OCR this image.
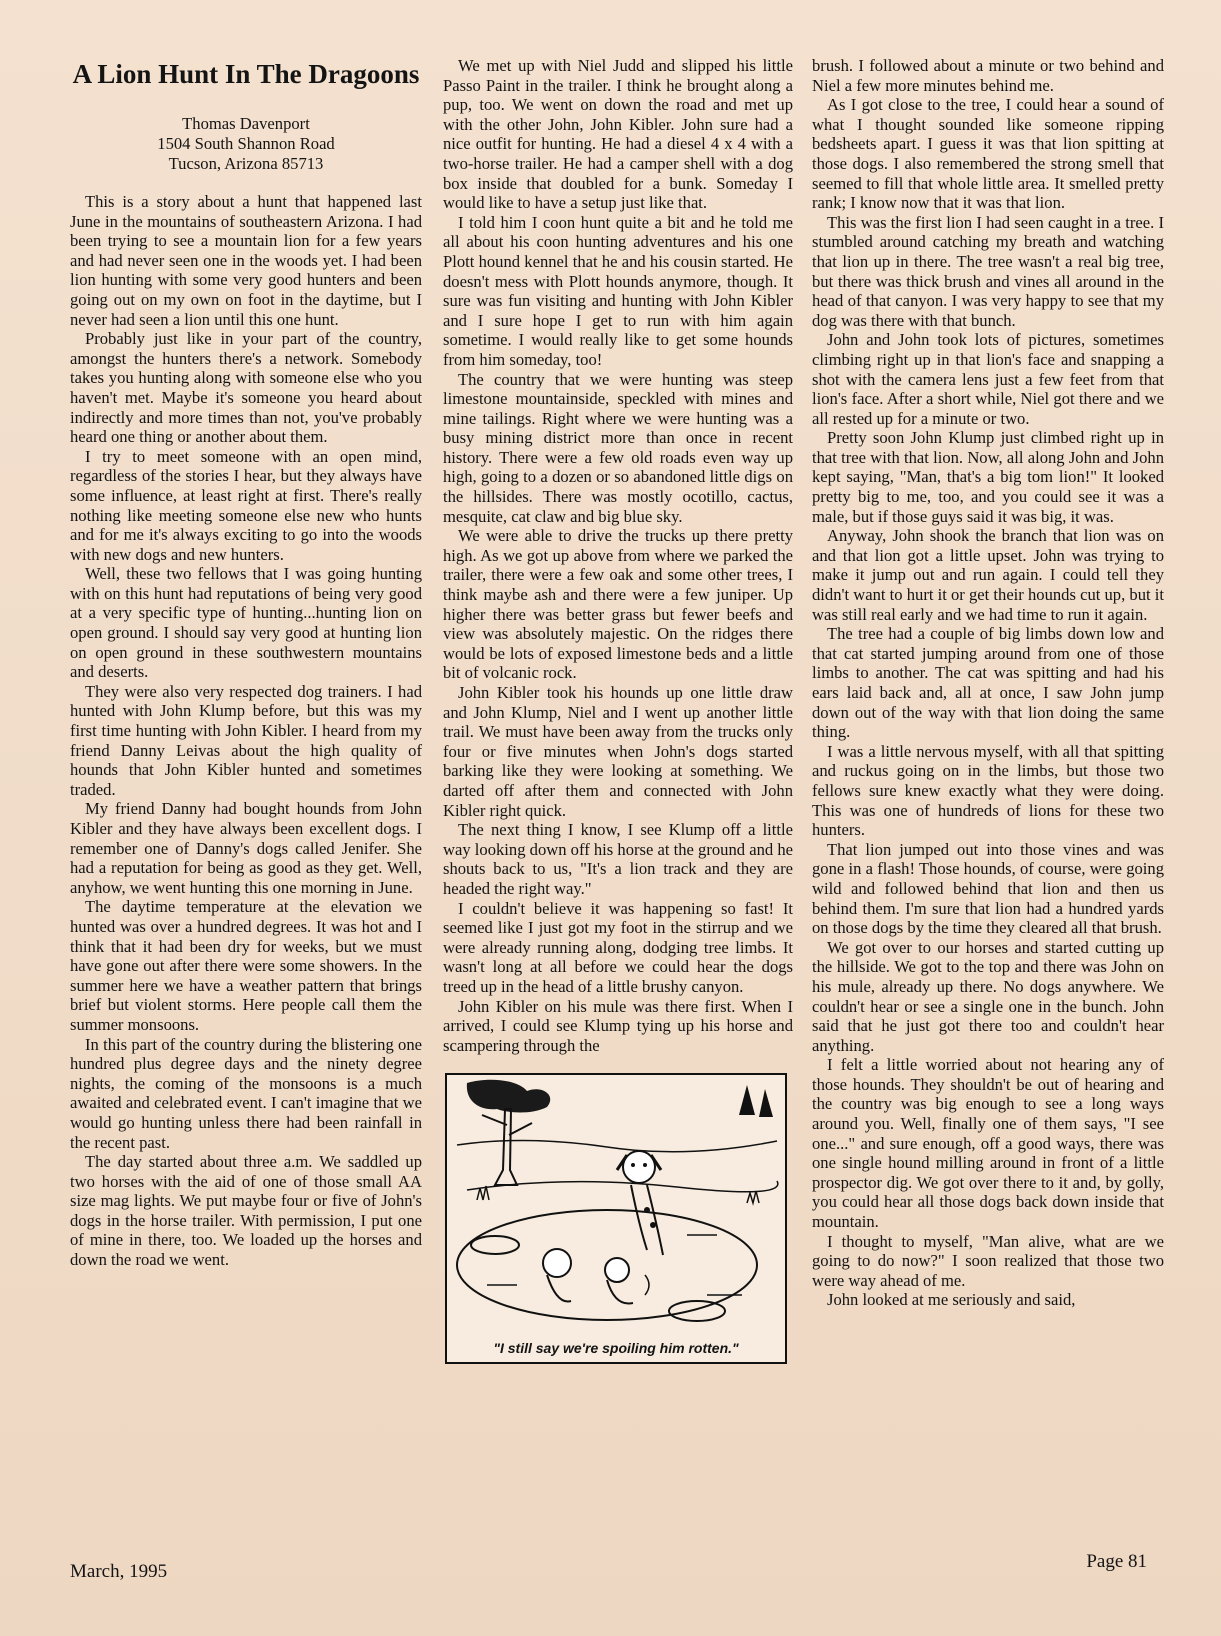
A Lion Hunt In The Dragoons
Thomas Davenport
1504 South Shannon Road
Tucson, Arizona 85713

This is a story about a hunt that happened last June in the mountains of southeastern Arizona. I had been trying to see a mountain lion for a few years and had never seen one in the woods yet. I had been lion hunting with some very good hunters and been going out on my own on foot in the daytime, but I never had seen a lion until this one hunt.

Probably just like in your part of the country, amongst the hunters there's a network. Somebody takes you hunting along with someone else who you haven't met. Maybe it's someone you heard about indirectly and more times than not, you've probably heard one thing or another about them.

I try to meet someone with an open mind, regardless of the stories I hear, but they always have some influence, at least right at first. There's really nothing like meeting someone else new who hunts and for me it's always exciting to go into the woods with new dogs and new hunters.

Well, these two fellows that I was going hunting with on this hunt had reputations of being very good at a very specific type of hunting...hunting lion on open ground. I should say very good at hunting lion on open ground in these southwestern mountains and deserts.

They were also very respected dog trainers. I had hunted with John Klump before, but this was my first time hunting with John Kibler. I heard from my friend Danny Leivas about the high quality of hounds that John Kibler hunted and sometimes traded.

My friend Danny had bought hounds from John Kibler and they have always been excellent dogs. I remember one of Danny's dogs called Jenifer. She had a reputation for being as good as they get. Well, anyhow, we went hunting this one morning in June.

The daytime temperature at the elevation we hunted was over a hundred degrees. It was hot and I think that it had been dry for weeks, but we must have gone out after there were some showers. In the summer here we have a weather pattern that brings brief but violent storms. Here people call them the summer monsoons.

In this part of the country during the blistering one hundred plus degree days and the ninety degree nights, the coming of the monsoons is a much awaited and celebrated event. I can't imagine that we would go hunting unless there had been rainfall in the recent past.

The day started about three a.m. We saddled up two horses with the aid of one of those small AA size mag lights. We put maybe four or five of John's dogs in the horse trailer. With permission, I put one of mine in there, too. We loaded up the horses and down the road we went.

We met up with Niel Judd and slipped his little Passo Paint in the trailer. I think he brought along a pup, too. We went on down the road and met up with the other John, John Kibler. John sure had a nice outfit for hunting. He had a diesel 4 x 4 with a two-horse trailer. He had a camper shell with a dog box inside that doubled for a bunk. Someday I would like to have a setup just like that.

I told him I coon hunt quite a bit and he told me all about his coon hunting adventures and his one Plott hound kennel that he and his cousin started. He doesn't mess with Plott hounds anymore, though. It sure was fun visiting and hunting with John Kibler and I sure hope I get to run with him again sometime. I would really like to get some hounds from him someday, too!

The country that we were hunting was steep limestone mountainside, speckled with mines and mine tailings. Right where we were hunting was a busy mining district more than once in recent history. There were a few old roads even way up high, going to a dozen or so abandoned little digs on the hillsides. There was mostly ocotillo, cactus, mesquite, cat claw and big blue sky.

We were able to drive the trucks up there pretty high. As we got up above from where we parked the trailer, there were a few oak and some other trees, I think maybe ash and there were a few juniper. Up higher there was better grass but fewer beefs and view was absolutely majestic. On the ridges there would be lots of exposed limestone beds and a little bit of volcanic rock.

John Kibler took his hounds up one little draw and John Klump, Niel and I went up another little trail. We must have been away from the trucks only four or five minutes when John's dogs started barking like they were looking at something. We darted off after them and connected with John Kibler right quick.

The next thing I know, I see Klump off a little way looking down off his horse at the ground and he shouts back to us, "It's a lion track and they are headed the right way."

I couldn't believe it was happening so fast! It seemed like I just got my foot in the stirrup and we were already running along, dodging tree limbs. It wasn't long at all before we could hear the dogs treed up in the head of a little brushy canyon.

John Kibler on his mule was there first. When I arrived, I could see Klump tying up his horse and scampering through the

"I still say we're spoiling him rotten."

brush. I followed about a minute or two behind and Niel a few more minutes behind me.

As I got close to the tree, I could hear a sound of what I thought sounded like someone ripping bedsheets apart. I guess it was that lion spitting at those dogs. I also remembered the strong smell that seemed to fill that whole little area. It smelled pretty rank; I know now that it was that lion.

This was the first lion I had seen caught in a tree. I stumbled around catching my breath and watching that lion up in there. The tree wasn't a real big tree, but there was thick brush and vines all around in the head of that canyon. I was very happy to see that my dog was there with that bunch.

John and John took lots of pictures, sometimes climbing right up in that lion's face and snapping a shot with the camera lens just a few feet from that lion's face. After a short while, Niel got there and we all rested up for a minute or two.

Pretty soon John Klump just climbed right up in that tree with that lion. Now, all along John and John kept saying, "Man, that's a big tom lion!" It looked pretty big to me, too, and you could see it was a male, but if those guys said it was big, it was.

Anyway, John shook the branch that lion was on and that lion got a little upset. John was trying to make it jump out and run again. I could tell they didn't want to hurt it or get their hounds cut up, but it was still real early and we had time to run it again.

The tree had a couple of big limbs down low and that cat started jumping around from one of those limbs to another. The cat was spitting and had his ears laid back and, all at once, I saw John jump down out of the way with that lion doing the same thing.

I was a little nervous myself, with all that spitting and ruckus going on in the limbs, but those two fellows sure knew exactly what they were doing. This was one of hundreds of lions for these two hunters.

That lion jumped out into those vines and was gone in a flash! Those hounds, of course, were going wild and followed behind that lion and then us behind them. I'm sure that lion had a hundred yards on those dogs by the time they cleared all that brush.

We got over to our horses and started cutting up the hillside. We got to the top and there was John on his mule, already up there. No dogs anywhere. We couldn't hear or see a single one in the bunch. John said that he just got there too and couldn't hear anything.

I felt a little worried about not hearing any of those hounds. They shouldn't be out of hearing and the country was big enough to see a long ways around you. Well, finally one of them says, "I see one..." and sure enough, off a good ways, there was one single hound milling around in front of a little prospector dig. We got over there to it and, by golly, you could hear all those dogs back down inside that mountain.

I thought to myself, "Man alive, what are we going to do now?" I soon realized that those two were way ahead of me.

John looked at me seriously and said,

March, 1995	Page 81
